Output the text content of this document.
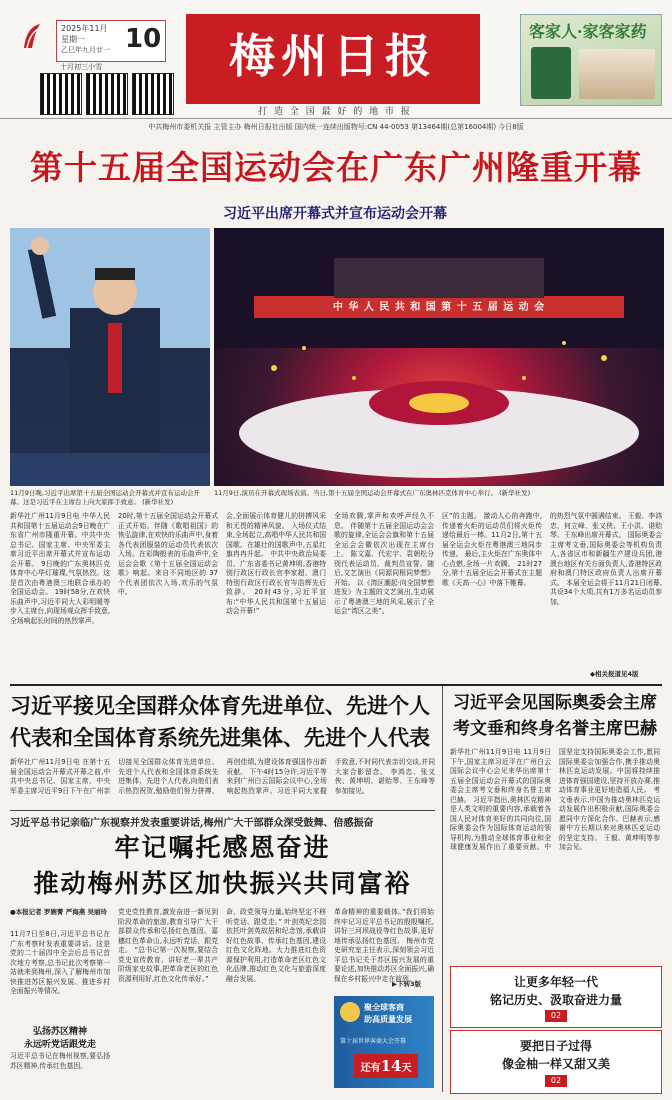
2025年11月
星期一
乙巳年九月廿一 10
十月初三小雪	梅州日报
打 造 全 国 最 好 的 地 市 报
客家人·家客家药
中共梅州市委机关报 主管主办 梅州日报社出版 国内统一连续出版物号:CN 44-0053 第13464期(总第16004期) 今日8版
第十五届全国运动会在广东广州隆重开幕
习近平出席开幕式并宣布运动会开幕
中 华 人 民 共 和 国 第 十 五 届 运 动 会
11月9日晚,习近平出席第十五届全国运动会开幕式并宣布运动会开幕。这是习近平在主席台上向大家挥手致意。 (新华社发)
11月9日,演员在开幕式现场表演。当日,第十五届全国运动会开幕式在广东奥林匹克体育中心举行。 (新华社发)
新华社广州11月9日电 中华人民共和国第十五届运动会9日晚在广东省广州市隆重开幕。中共中央总书记、国家主席、中央军委主席习近平出席开幕式并宣布运动会开幕。 9日晚的广东奥林匹克体育中心华灯璀璨,气氛热烈。这是首次由粤港澳三地联合承办的全国运动会。 19时58分,在欢快乐曲声中,习近平同大人彩明暖等步入主席台,向现场观众挥手致意,全场响起长时间的热烈掌声。
20时,第十五届全国运动会开幕式正式开始。伴随《歌唱祖国》的恢弘旋律,在欢快的乐曲声中,身着各代表团服装的运动员代表依次入场。在彩陶般表的乐曲声中,全运会会歌《第十五届全国运动会歌》响起。来自不同地区的 37 个代表团依次入场,欢乐的气氛中。
会,全面展示体育健儿的拼搏风采和无畏的精神风貌。 入场仪式结束,全场起立,高唱中华人民共和国国歌。在雄壮的国歌声中,五星红旗冉冉升起。 中共中央政治局委员、广东省委书记黄坤明,香港特别行政区行政长官李家超、澳门特别行政区行政长官岑浩辉先后致辞。 20时43分,习近平宣布:“中华人民共和国第十五届运动会开幕!”
全场欢腾,掌声和欢呼声经久不息。 伴随第十五届全国运动会会歌的旋律,全运会会旗和第十五届全运会会徽依次出现在主席台上。 陈文嘉、代宏宇、袁朝松分别代表运动员、裁判员宣誓。随后,文艺演出《同源同根同梦想》开始。 以《湾区潮起·向全国梦想进发》为主题的文艺演出,生动展示了粤港澳三地的风采,展示了全运会“湾区之美”。
区”的主题。 激动人心的奔跑中,传递着火炬的运动员们将火炬传递给最后一棒。11月2日,第十五届全运会火炬在粤港澳三地同步传递。 最后,主火炬在广东奥体中心点燃,全场一片欢腾。 21时27分,第十五届全运会开幕式在主题歌《天高一心》中落下帷幕。
的热烈气氛中圆满结束。 王毅、李鸿忠、何立峰、张又侠、王小洪、谌贻琴、王东峰出席开幕式。 国际奥委会主席考文垂,国际奥委会等机构负责人,各省区市和新疆生产建设兵团,港澳台地区有关方面负责人,香港特区政府和澳门特区政府负责人出席开幕式。 本届全运会将于11月21日闭幕,共设34个大项,共有1万多名运动员参加。
◆相关报道见4版
习近平接见全国群众体育先进单位、先进个人
代表和全国体育系统先进集体、先进个人代表
新华社广州11月9日电 在第十五届全国运动会开幕式开幕之前,中共中央总书记、国家主席、中央军委主席习近平9日下午在广州亲切接见全国群众体育先进单位、先进个人代表和全国体育系统先进集体、先进个人代表,向他们表示热烈祝贺,勉励他们努力拼搏、再创佳绩,为建设体育强国作出新贡献。 下午4时15分许,习近平等来到广州白云国际会议中心,全场响起热烈掌声。习近平同大家握手致意,不时同代表亲切交谈,并同大家合影留念。 李鸿忠、张又侠、黄坤明、谌贻琴、王东峰等参加接见。
习近平总书记亲临广东视察并发表重要讲话,梅州广大干部群众深受鼓舞、倍感振奋
牢记嘱托感恩奋进
推动梅州苏区加快振兴共同富裕
●本报记者 罗婉菁 严海燕 吴丽玲
11月7日至8日,习近平总书记在广东考察时发表重要讲话。这是党的二十届四中全会后总书记首次地方考察,总书记此次考察第一站就来到梅州,深入了解梅州市加快推进苏区振兴发展、推进乡村全面振兴等情况。
弘扬苏区精神
永远听党话跟党走
习近平总书记在梅州视察,要弘扬苏区精神,传承红色基因。
党史党性教育,激发奋进一新见到阶段革命的旅游,教育引导广大干部群众传承和弘扬红色基因。嘉穗红色革命山,永远听党话、跟党走。 “总书记第一次视察,要结合党史宣传教育、讲好老一辈共产阶级家史故事,把革命老区的红色资源利用好,红色文化传承好。”
命、政党领导力量,始终坚定不移听党话、跟党走。” 叶剑英纪念园依托叶剑英故居和纪念馆,承载讲好红色故事、传承红色基因,建设红色文化阵地。大力推进红色资源保护利用,打造革命老区红色文化品牌,推动红色文化与旅游深度融合发展。
革命精神的重要载体。”我们将始终牢记习近平总书记的殷殷嘱托,讲好三河坝战役等红色故事,更好地传承弘扬红色基因。 梅州市党史研究室主任表示,深刻领会习近平总书记关于苏区振兴发展的重要论述,加快推动苏区全面振兴,确保在乡村振兴中走在前列。
▶下转3版
聚全球客商
助高质量发展
第十届世界客商大会开幕
还有14天
习近平会见国际奥委会主席
考文垂和终身名誉主席巴赫
新华社广州11月9日电 11月9日下午,国家主席习近平在广州白云国际会议中心会见来华出席第十五届全国运动会开幕式的国际奥委会主席考文垂和终身名誉主席巴赫。 习近平指出,奥林匹克精神是人类文明的重要内容,承载着各国人民对体育美好的共同向往,国际奥委会作为国际体育运动的领导机构,为推动全球体育事业和全球健康发展作出了重要贡献。中国坚定支持国际奥委会工作,愿同国际奥委会加强合作,携手推动奥林匹克运动发展。中国将持续推进体育强国建设,坚持开放办赛,推动体育事业更好地造福人民。 考文垂表示,中国为推动奥林匹克运动发展作出积极贡献,国际奥委会愿同中方深化合作。巴赫表示,感谢中方长期以来对奥林匹克运动的坚定支持。 王毅、黄坤明等参加会见。
让更多年轻一代
铭记历史、汲取奋进力量
02
要把日子过得
像金柚一样又甜又美
02
